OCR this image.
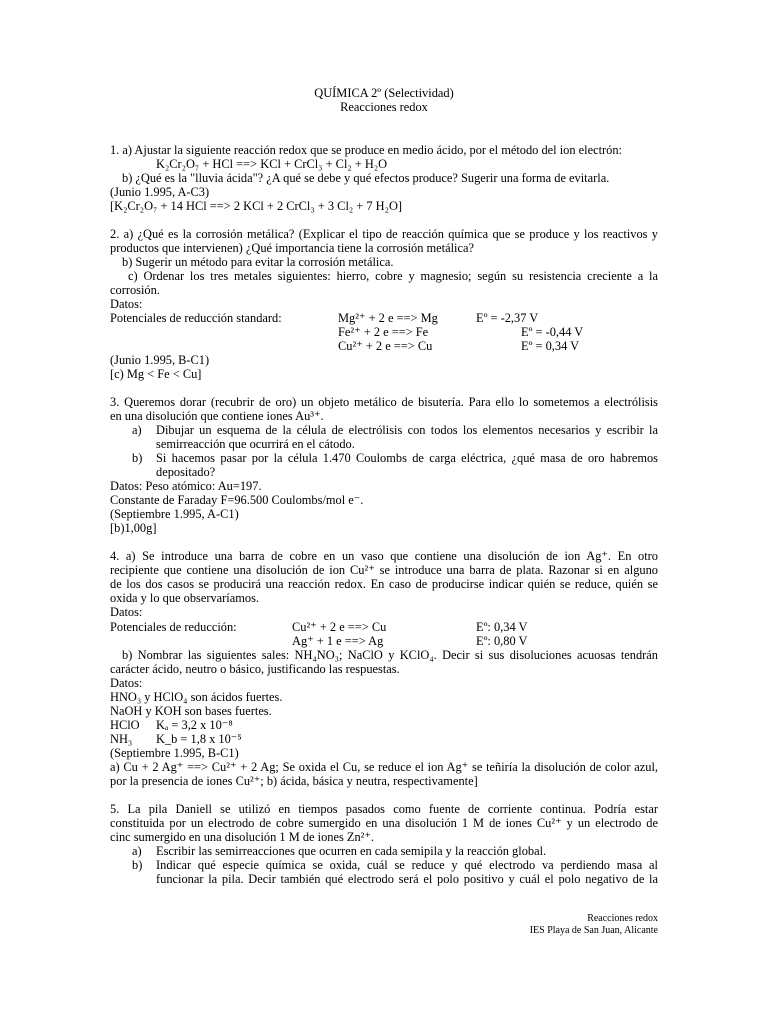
QUÍMICA 2º (Selectividad)
Reacciones redox
1. a) Ajustar la siguiente reacción redox que se produce en medio ácido, por el método del ion electrón:
K₂Cr₂O₇ + HCl ==> KCl + CrCl₃ + Cl₂ + H₂O
b) ¿Qué es la "lluvia ácida"? ¿A qué se debe y qué efectos produce? Sugerir una forma de evitarla.
(Junio 1.995, A-C3)
[K₂Cr₂O₇ + 14 HCl ==> 2 KCl + 2 CrCl₃ + 3 Cl₂ + 7 H₂O]
2. a) ¿Qué es la corrosión metálica? (Explicar el tipo de reacción química que se produce y los reactivos y
productos que intervienen) ¿Qué importancia tiene la corrosión metálica?
b) Sugerir un método para evitar la corrosión metálica.
c) Ordenar los tres metales siguientes: hierro, cobre y magnesio; según su resistencia creciente a la
corrosión.
Datos:
Potenciales de reducción standard:	Mg²⁺ + 2 e ==> Mg	Eº = -2,37 V
Fe²⁺ + 2 e ==> Fe	Eº = -0,44 V
Cu²⁺ + 2 e ==> Cu	Eº = 0,34 V
(Junio 1.995, B-C1)
[c) Mg < Fe < Cu]
3. Queremos dorar (recubrir de oro) un objeto metálico de bisutería. Para ello lo sometemos a electrólisis
en una disolución que contiene iones Au³⁺.
a) Dibujar un esquema de la célula de electrólisis con todos los elementos necesarios y escribir la
semirreacción que ocurrirá en el cátodo.
b) Si hacemos pasar por la célula 1.470 Coulombs de carga eléctrica, ¿qué masa de oro habremos
depositado?
Datos: Peso atómico: Au=197.
Constante de Faraday F=96.500 Coulombs/mol e⁻.
(Septiembre 1.995, A-C1)
[b)1,00g]
4. a) Se introduce una barra de cobre en un vaso que contiene una disolución de ion Ag⁺. En otro
recipiente que contiene una disolución de ion Cu²⁺ se introduce una barra de plata. Razonar si en alguno
de los dos casos se producirá una reacción redox. En caso de producirse indicar quién se reduce, quién se
oxida y lo que observaríamos.
Datos:
Potenciales de reducción:	Cu²⁺ + 2 e ==> Cu	Eº: 0,34 V
Ag⁺ + 1 e ==> Ag	Eº: 0,80 V
b) Nombrar las siguientes sales: NH₄NO₃; NaClO y KClO₄. Decir si sus disoluciones acuosas tendrán
carácter ácido, neutro o básico, justificando las respuestas.
Datos:
HNO₃ y HClO₄ son ácidos fuertes.
NaOH y KOH son bases fuertes.
HClO Kₐ = 3,2 x 10⁻⁸
NH₃ K_b = 1,8 x 10⁻⁵
(Septiembre 1.995, B-C1)
a) Cu + 2 Ag⁺ ==> Cu²⁺ + 2 Ag; Se oxida el Cu, se reduce el ion Ag⁺ se teñiría la disolución de color azul,
por la presencia de iones Cu²⁺; b) ácida, básica y neutra, respectivamente]
5. La pila Daniell se utilizó en tiempos pasados como fuente de corriente continua. Podría estar
constituida por un electrodo de cobre sumergido en una disolución 1 M de iones Cu²⁺ y un electrodo de
cinc sumergido en una disolución 1 M de iones Zn²⁺.
a) Escribir las semirreacciones que ocurren en cada semipila y la reacción global.
b) Indicar qué especie química se oxida, cuál se reduce y qué electrodo va perdiendo masa al
funcionar la pila. Decir también qué electrodo será el polo positivo y cuál el polo negativo de la
Reacciones redox
IES Playa de San Juan, Alicante
